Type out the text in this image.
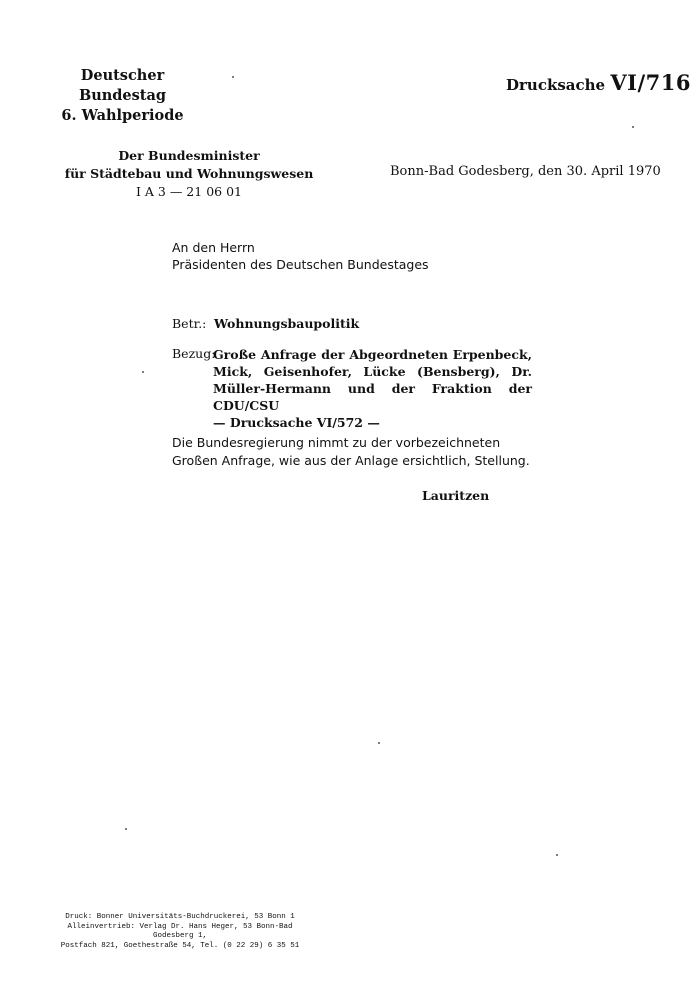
Deutscher Bundestag
6. Wahlperiode
Drucksache VI/716
Der Bundesminister
für Städtebau und Wohnungswesen
I A 3 — 21 06 01
Bonn-Bad Godesberg, den 30. April 1970
An den Herrn
Präsidenten des Deutschen Bundestages
Betr.: Wohnungsbaupolitik
Bezug:
Große Anfrage der Abgeordneten Erpenbeck, Mick, Geisenhofer, Lücke (Bensberg), Dr. Müller-Hermann und der Fraktion der CDU/CSU
— Drucksache VI/572 —
Die Bundesregierung nimmt zu der vorbezeichneten Großen Anfrage, wie aus der Anlage ersichtlich, Stellung.
Lauritzen
Druck: Bonner Universitäts-Buchdruckerei, 53 Bonn 1
Alleinvertrieb: Verlag Dr. Hans Heger, 53 Bonn-Bad Godesberg 1,
Postfach 821, Goethestraße 54, Tel. (0 22 29) 6 35 51
